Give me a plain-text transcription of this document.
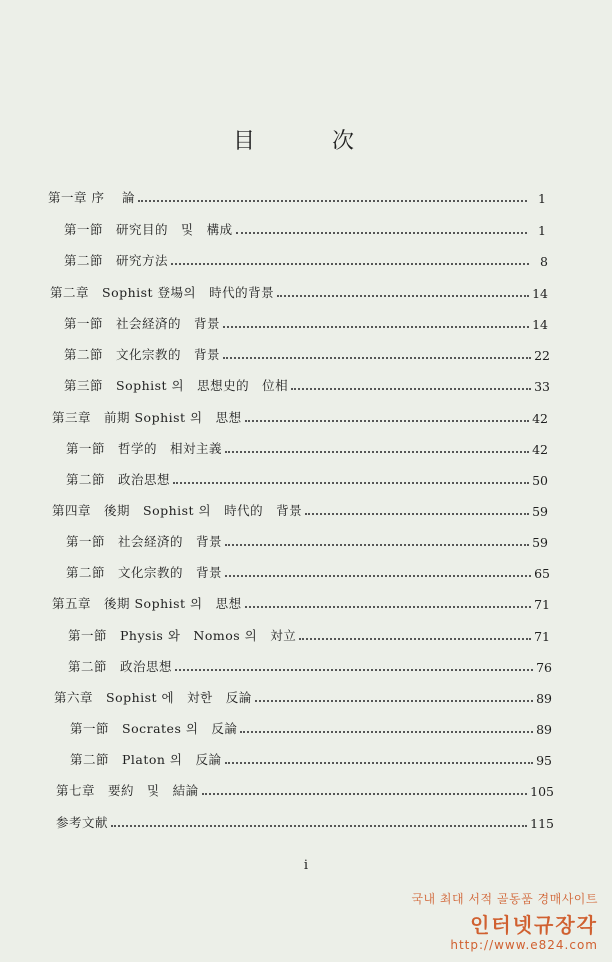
目	次
第一章 序　 論	1
第一節　研究目的　및　構成	1
第二節　研究方法	8
第二章　Sophist 登場의　時代的背景	14
第一節　社会経済的　背景	14
第二節　文化宗教的　背景	22
第三節　Sophist 의　思想史的　位相	33
第三章　前期 Sophist 의　思想	42
第一節　哲学的　相対主義	42
第二節　政治思想	50
第四章　後期　Sophist 의　時代的　背景	59
第一節　社会経済的　背景	59
第二節　文化宗教的　背景	65
第五章　後期 Sophist 의　思想	71
第一節　Physis 와　Nomos 의　対立	71
第二節　政治思想	76
第六章　Sophist 에　対한　反論	89
第一節　Socrates 의　反論	89
第二節　Platon 의　反論	95
第七章　要約　및　結論	105
参考文献	115
i
국내 최대 서적 골동품 경매사이트
인터넷규장각
http://www.e824.com
